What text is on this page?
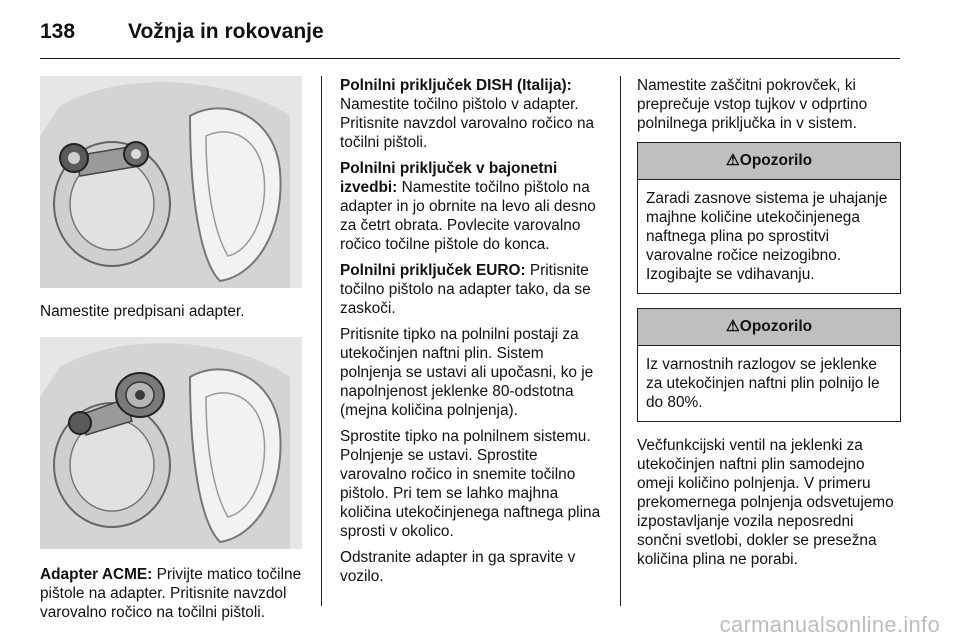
138	Vožnja in rokovanje

Namestite predpisani adapter.

Adapter ACME: Privijte matico točilne pištole na adapter. Pritisnite navzdol varovalno ročico na točilni pištoli.

Polnilni priključek DISH (Italija):
Namestite točilno pištolo v adapter. Pritisnite navzdol varovalno ročico na točilni pištoli.

Polnilni priključek v bajonetni izvedbi: Namestite točilno pištolo na adapter in jo obrnite na levo ali desno za četrt obrata. Povlecite varovalno ročico točilne pištole do konca.

Polnilni priključek EURO: Pritisnite točilno pištolo na adapter tako, da se zaskoči.

Pritisnite tipko na polnilni postaji za utekočinjen naftni plin. Sistem polnjenja se ustavi ali upočasni, ko je napolnjenost jeklenke 80-odstotna (mejna količina polnjenja).

Sprostite tipko na polnilnem sistemu. Polnjenje se ustavi. Sprostite varovalno ročico in snemite točilno pištolo. Pri tem se lahko majhna količina utekočinjenega naftnega plina sprosti v okolico.

Odstranite adapter in ga spravite v vozilo.

Namestite zaščitni pokrovček, ki preprečuje vstop tujkov v odprtino polnilnega priključka in v sistem.

⚠Opozorilo
Zaradi zasnove sistema je uhajanje majhne količine utekočinjenega naftnega plina po sprostitvi varovalne ročice neizogibno. Izogibajte se vdihavanju.
⚠Opozorilo
Iz varnostnih razlogov se jeklenke za utekočinjen naftni plin polnijo le do 80%.

Večfunkcijski ventil na jeklenki za utekočinjen naftni plin samodejno omeji količino polnjenja. V primeru prekomernega polnjenja odsvetujemo izpostavljanje vozila neposredni sončni svetlobi, dokler se presežna količina plina ne porabi.

carmanualsonline.info
